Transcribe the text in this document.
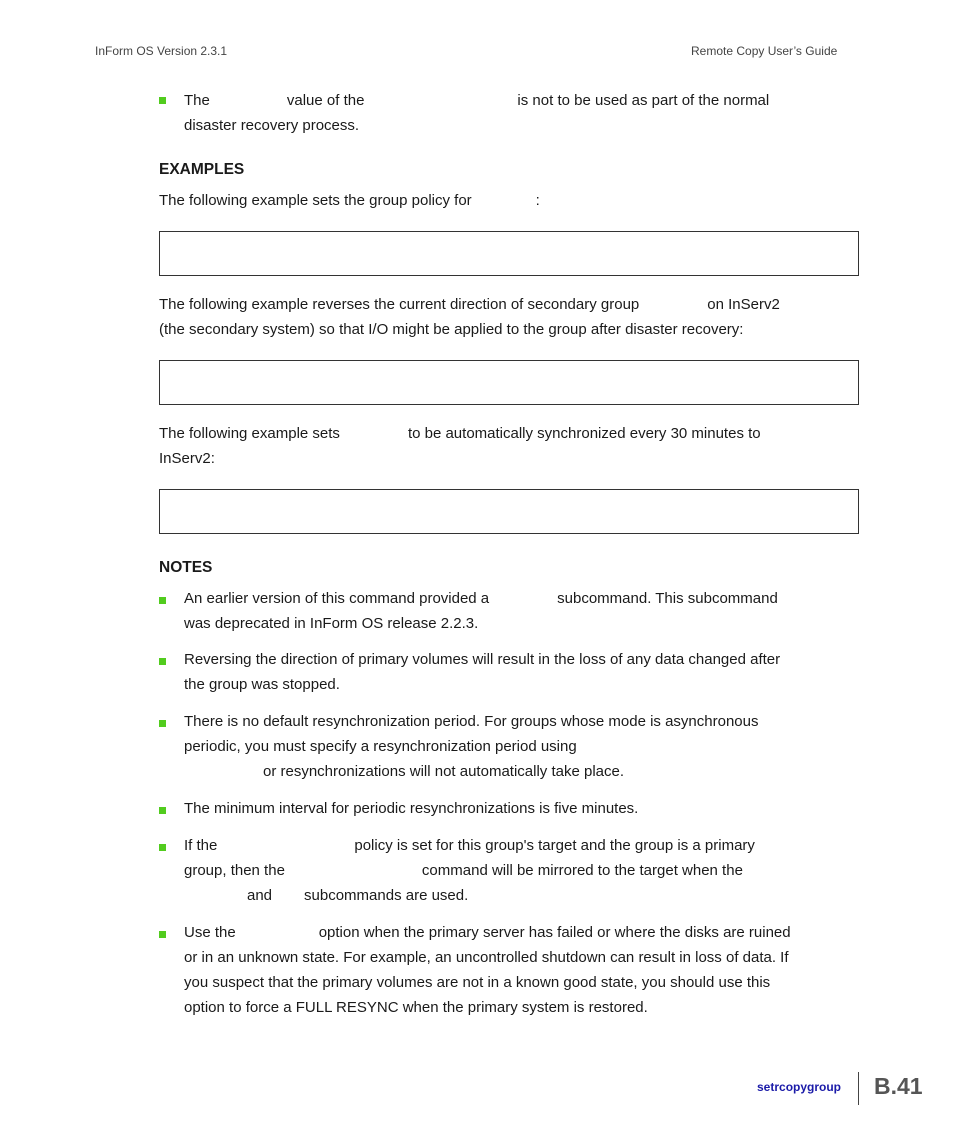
InForm OS Version 2.3.1	Remote Copy User’s Guide
The	value of the	is not to be used as part of the normal
disaster recovery process.
EXAMPLES
The following example sets the group policy for	:
The following example reverses the current direction of secondary group	on InServ2
(the secondary system) so that I/O might be applied to the group after disaster recovery:
The following example sets	to be automatically synchronized every 30 minutes to
InServ2:
NOTES
An earlier version of this command provided a	subcommand. This subcommand
was deprecated in InForm OS release 2.2.3.
Reversing the direction of primary volumes will result in the loss of any data changed after
the group was stopped.
There is no default resynchronization period. For groups whose mode is asynchronous
periodic, you must specify a resynchronization period using
or resynchronizations will not automatically take place.
The minimum interval for periodic resynchronizations is five minutes.
If the	policy is set for this group's target and the group is a primary
group, then the	command will be mirrored to the target when the
and subcommands are used.
Use the	option when the primary server has failed or where the disks are ruined
or in an unknown state. For example, an uncontrolled shutdown can result in loss of data. If
you suspect that the primary volumes are not in a known good state, you should use this
option to force a FULL RESYNC when the primary system is restored.
setrcopygroup B.41
